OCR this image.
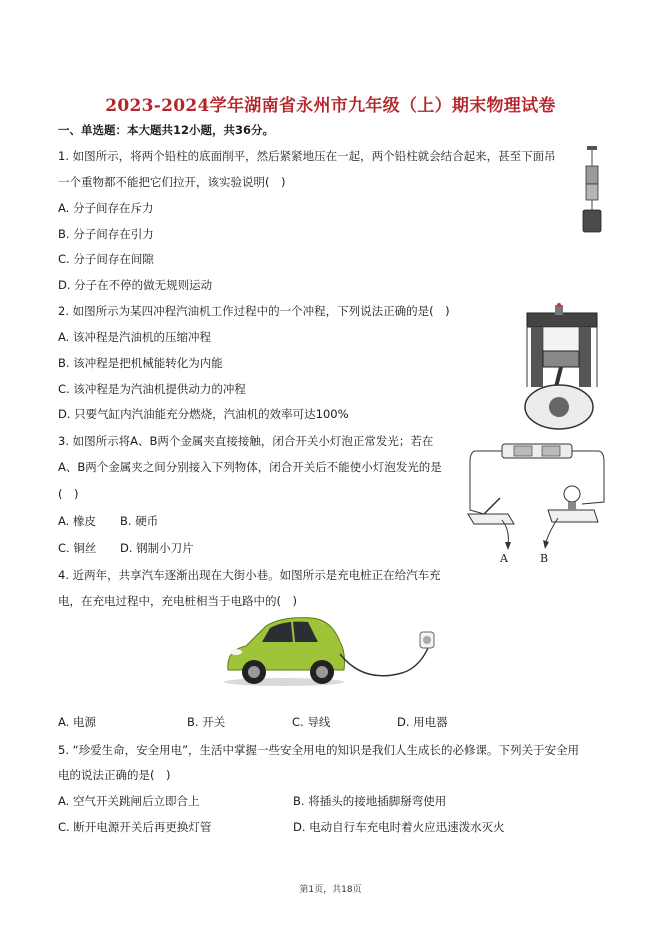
2023-2024学年湖南省永州市九年级（上）期末物理试卷
一、单选题：本大题共12小题，共36分。
1. 如图所示，将两个铅柱的底面削平，然后紧紧地压在一起，两个铅柱就会结合起来，甚至下面吊
一个重物都不能把它们拉开，该实验说明(　)
A. 分子间存在斥力
B. 分子间存在引力
C. 分子间存在间隙
D. 分子在不停的做无规则运动
2. 如图所示为某四冲程汽油机工作过程中的一个冲程，下列说法正确的是(　)
A. 该冲程是汽油机的压缩冲程
B. 该冲程是把机械能转化为内能
C. 该冲程是为汽油机提供动力的冲程
D. 只要气缸内汽油能充分燃烧，汽油机的效率可达100%
3. 如图所示将A、B两个金属夹直接接触，闭合开关小灯泡正常发光；若在
A、B两个金属夹之间分别接入下列物体，闭合开关后不能使小灯泡发光的是
(　)
A. 橡皮 B. 硬币
C. 铜丝 D. 钢制小刀片
A	B
4. 近两年，共享汽车逐渐出现在大街小巷。如图所示是充电桩正在给汽车充
电，在充电过程中，充电桩相当于电路中的(　)
A. 电源	B. 开关	C. 导线	D. 用电器
5. “珍爱生命，安全用电”，生活中掌握一些安全用电的知识是我们人生成长的必修课。下列关于安全用
电的说法正确的是(　)
A. 空气开关跳闸后立即合上	B. 将插头的接地插脚掰弯使用
C. 断开电源开关后再更换灯管	D. 电动自行车充电时着火应迅速泼水灭火
第1页，共18页
